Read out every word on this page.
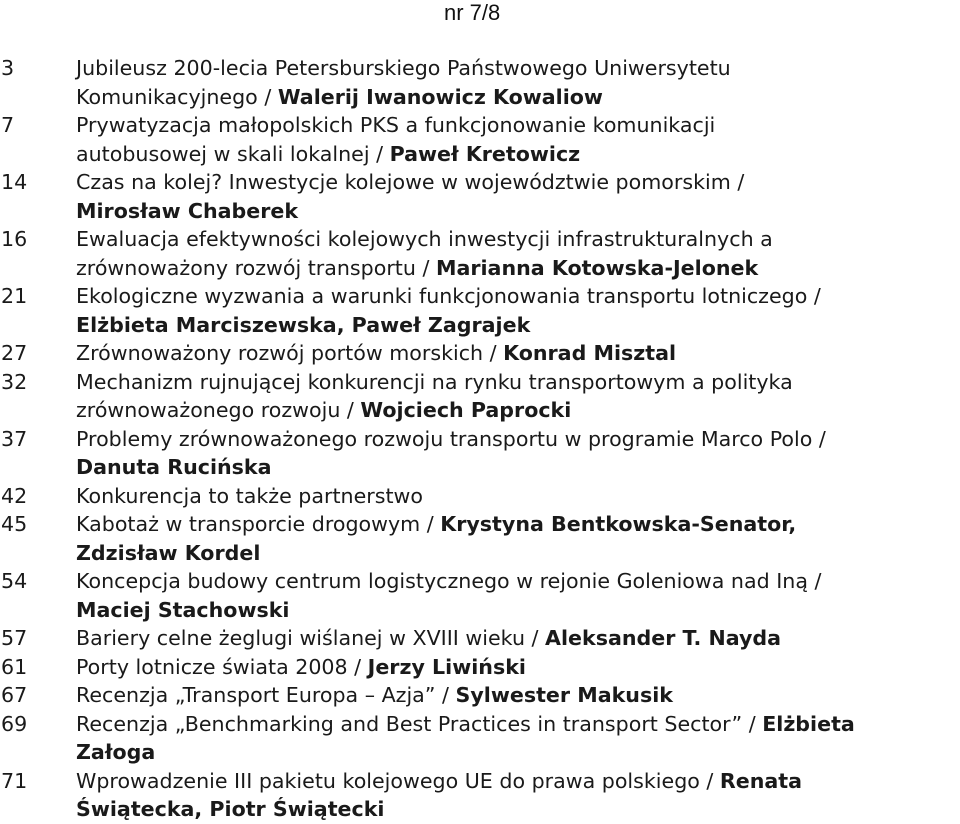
nr 7/8
3	Jubileusz 200-lecia Petersburskiego Państwowego Uniwersytetu
Komunikacyjnego / Walerij Iwanowicz Kowaliow
7	Prywatyzacja małopolskich PKS a funkcjonowanie komunikacji
autobusowej w skali lokalnej / Paweł Kretowicz
14	Czas na kolej? Inwestycje kolejowe w województwie pomorskim /
Mirosław Chaberek
16	Ewaluacja efektywności kolejowych inwestycji infrastrukturalnych a
zrównoważony rozwój transportu / Marianna Kotowska-Jelonek
21	Ekologiczne wyzwania a warunki funkcjonowania transportu lotniczego /
Elżbieta Marciszewska, Paweł Zagrajek
27	Zrównoważony rozwój portów morskich / Konrad Misztal
32	Mechanizm rujnującej konkurencji na rynku transportowym a polityka
zrównoważonego rozwoju / Wojciech Paprocki
37	Problemy zrównoważonego rozwoju transportu w programie Marco Polo /
Danuta Rucińska
42	Konkurencja to także partnerstwo
45	Kabotaż w transporcie drogowym / Krystyna Bentkowska-Senator,
Zdzisław Kordel
54	Koncepcja budowy centrum logistycznego w rejonie Goleniowa nad Iną /
Maciej Stachowski
57	Bariery celne żeglugi wiślanej w XVIII wieku / Aleksander T. Nayda
61	Porty lotnicze świata 2008 / Jerzy Liwiński
67	Recenzja „Transport Europa – Azja” / Sylwester Makusik
69	Recenzja „Benchmarking and Best Practices in transport Sector” / Elżbieta
Załoga
71	Wprowadzenie III pakietu kolejowego UE do prawa polskiego / Renata
Świątecka, Piotr Świątecki
